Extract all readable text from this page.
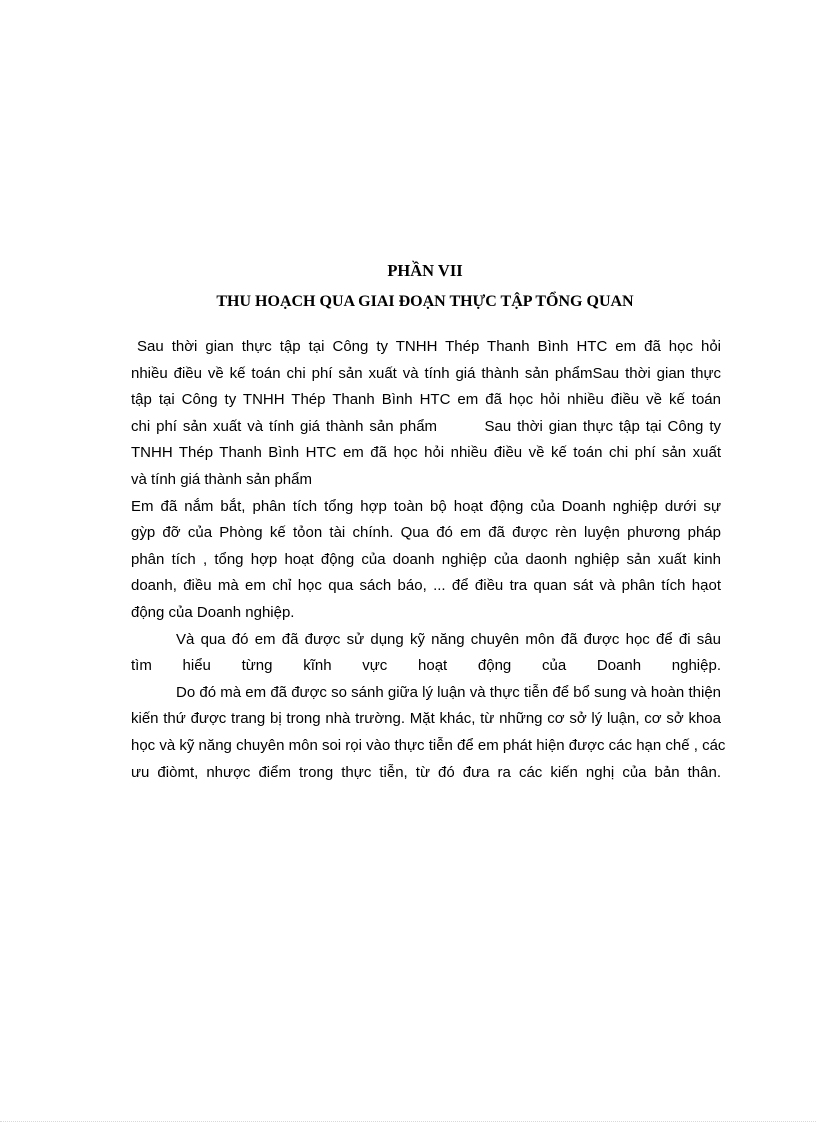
PHẦN VII
THU HOẠCH QUA GIAI ĐOẠN THỰC TẬP TỔNG QUAN
Sau thời gian thực tập tại Công ty TNHH Thép Thanh Bình HTC em đã học hỏi
nhiều điều về kế toán chi phí sản xuất và tính giá thành sản phẩmSau thời gian thực
tập tại Công ty TNHH Thép Thanh Bình HTC em đã học hỏi nhiều điều về kế toán
chi phí sản xuất và tính giá thành sản phẩm        Sau thời gian thực tập tại Công ty
TNHH Thép Thanh Bình HTC em đã học hỏi nhiều điều về kế toán chi phí sản xuất
và tính giá thành sản phẩm
Em đã nắm bắt, phân tích tổng hợp toàn bộ hoạt động của Doanh nghiệp dưới sự
gỳp đỡ của Phòng kế tỏon tài chính. Qua đó em đã được rèn luyện phương pháp
phân tích , tổng hợp hoạt động của doanh nghiệp của daonh nghiệp sản xuất kinh
doanh, điều mà em chỉ học qua sách báo, ... để điều tra quan sát và phân tích hạot
động của Doanh nghiệp.
Và qua đó em đã được sử dụng kỹ năng chuyên môn đã được học để đi sâu
tìm hiểu từng kĩnh vực hoạt động của Doanh nghiệp.
Do đó mà em đã được so sánh giữa lý luận và thực tiễn để bổ sung và hoàn thiện
kiến thứ được trang bị trong nhà trường. Mặt khác, từ những cơ sở lý luận, cơ sở khoa
học và kỹ năng chuyên môn soi rọi vào thực tiễn để em phát hiện được các hạn chế , các
ưu điòmt, nhược điểm trong thực tiễn, từ đó đưa ra các kiến nghị của bản thân.
